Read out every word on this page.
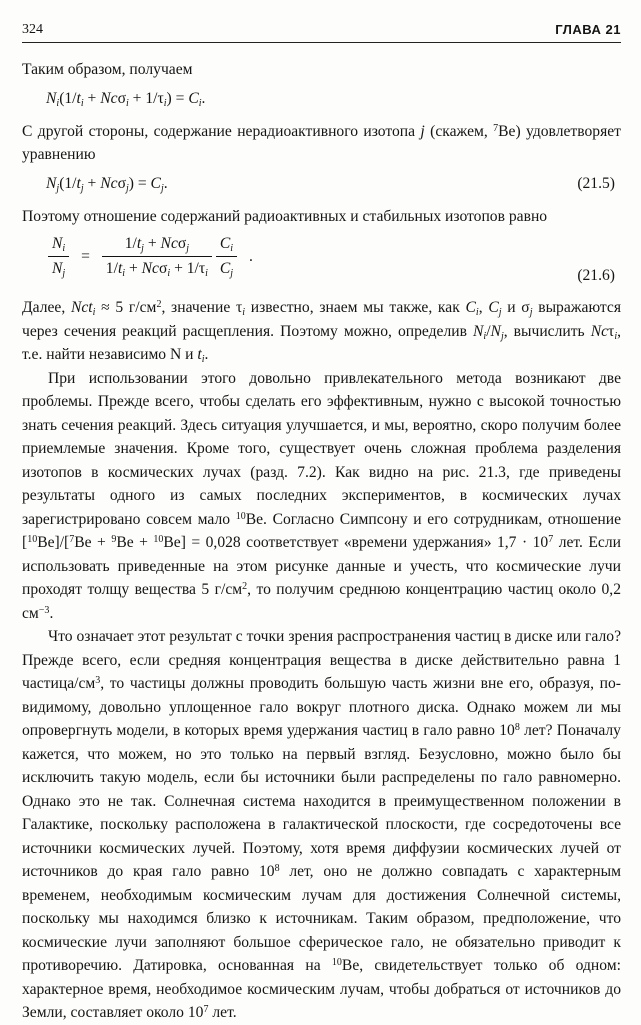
324	ГЛАВА 21

Таким образом, получаем

$N_i(1/t_i + Nc\sigma_i + 1/\tau_i) = C_i$.

С другой стороны, содержание нерадиоактивного изотопа j (скажем, $^7$Be) удовлетворяет уравнению

$N_j(1/t_j + Nc\sigma_j) = C_j$.	(21.5)

Поэтому отношение содержаний радиоактивных и стабильных изотопов равно

$\frac{N_i}{N_j} = \frac{1/t_j + Nc\sigma_j}{1/t_i + Nc\sigma_i + 1/\tau_i}$
$\frac{C_i}{C_j}$ .
(21.6)

Далее, Nct$_i$ ≈ 5 $г/см^2$, значение $\tau_i$ известно, знаем мы также, как $C_i$, $C_j$ и $\sigma_j$ выражаются через сечения реакций расщепления. Поэтому можно, определив $N_i/N_j$, вычислить Ncτ$_i$, т.е. найти независимо N и $t_i$.

При использовании этого довольно привлекательного метода возникают две проблемы. Прежде всего, чтобы сделать его эффективным, нужно с высокой точностью знать сечения реакций. Здесь ситуация улучшается, и мы, вероятно, скоро получим более приемлемые значения. Кроме того, существует очень сложная проблема разделения изотопов в космических лучах (разд. 7.2). Как видно на рис. 21.3, где приведены результаты одного из самых последних экспериментов, в космических лучах зарегистрировано совсем мало $^{10}$Be. Согласно Симпсону и его сотрудникам, отношение [$^{10}$Be]/[$^7$Be + $^9$Be + $^{10}$Be] = 0,028 соответствует «времени удержания» $1,7 \cdot 10^7$ лет. Если использовать приведенные на этом рисунке данные и учесть, что космические лучи проходят толщу вещества 5 $г/см^2$, то получим среднюю концентрацию частиц около 0,2 $см^{-3}$.

Что означает этот результат с точки зрения распространения частиц в диске или гало? Прежде всего, если средняя концентрация вещества в диске действительно равна 1 частица/$см^3$, то частицы должны проводить большую часть жизни вне его, образуя, по-видимому, довольно уплощенное гало вокруг плотного диска. Однако можем ли мы опровергнуть модели, в которых время удержания частиц в гало равно $10^8$ лет? Поначалу кажется, что можем, но это только на первый взгляд. Безусловно, можно было бы исключить такую модель, если бы источники были распределены по гало равномерно. Однако это не так. Солнечная система находится в преимущественном положении в Галактике, поскольку расположена в галактической плоскости, где сосредоточены все источники космических лучей. Поэтому, хотя время диффузии космических лучей от источников до края гало равно $10^8$ лет, оно не должно совпадать с характерным временем, необходимым космическим лучам для достижения Солнечной системы, поскольку мы находимся близко к источникам. Таким образом, предположение, что космические лучи заполняют большое сферическое гало, не обязательно приводит к противоречию. Датировка, основанная на $^{10}$Be, свидетельствует только об одном: характерное время, необходимое космическим лучам, чтобы добраться от источников до Земли, составляет около $10^7$ лет.
